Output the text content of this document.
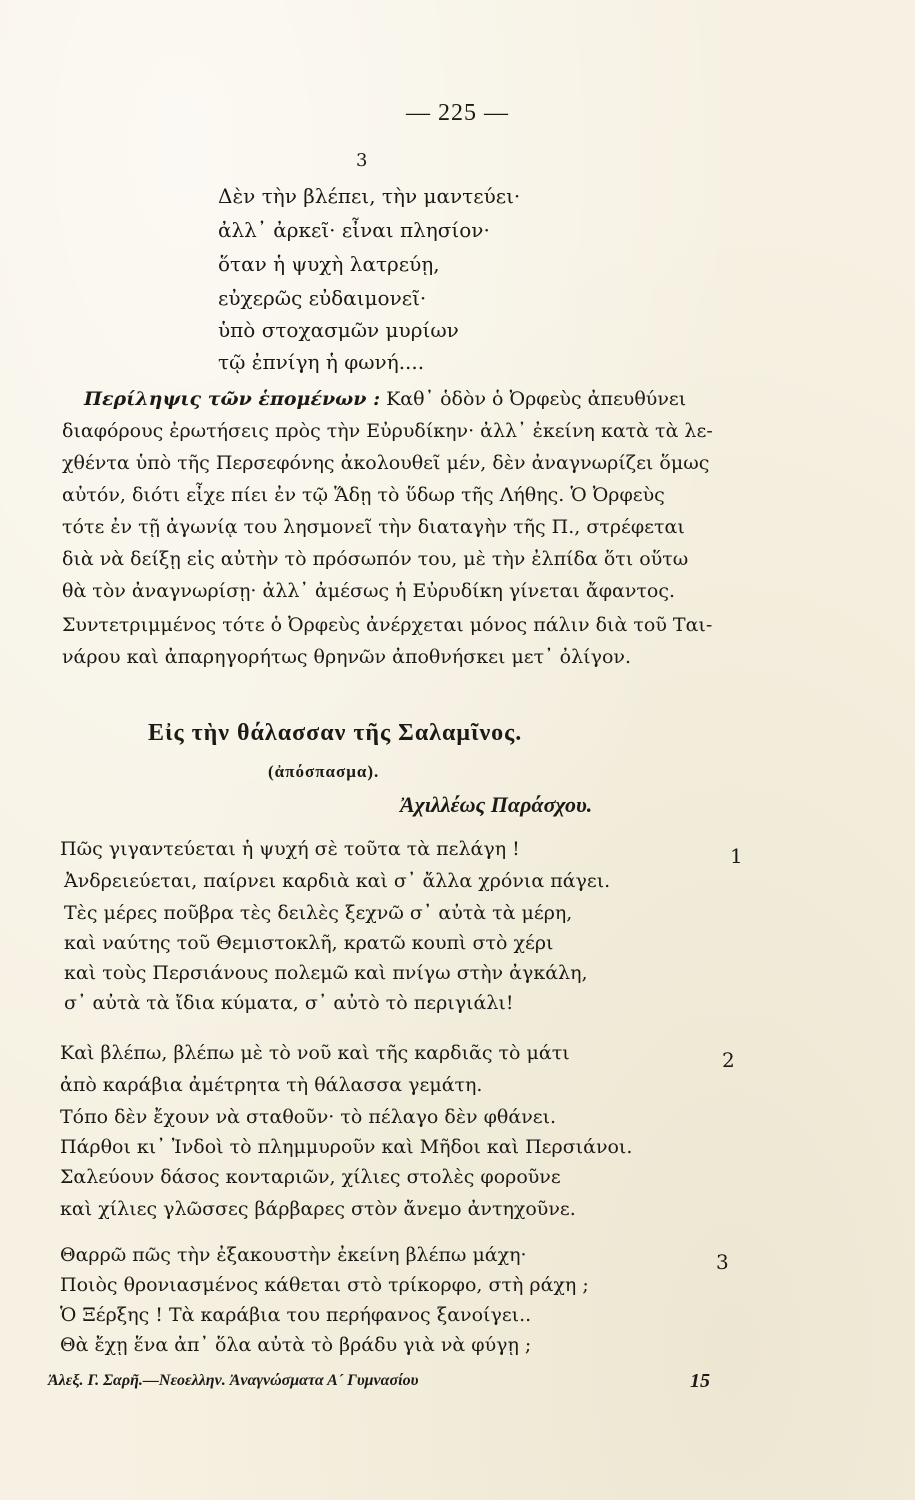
— 225 —
3
Δὲν τὴν βλέπει, τὴν μαντεύει·
ἀλλ᾽ ἀρκεῖ· εἶναι πλησίον·
ὅταν ἡ ψυχὴ λατρεύῃ,
εὐχερῶς εὐδαιμονεῖ·
ὑπὸ στοχασμῶν μυρίων
τῷ ἐπνίγη ἡ φωνή....
Περίληψις τῶν ἑπομένων : Καθ᾽ ὁδὸν ὁ Ὀρφεὺς ἀπευθύνει
διαφόρους ἐρωτήσεις πρὸς τὴν Εὐρυδίκην· ἀλλ᾽ ἐκείνη κατὰ τὰ λε-
χθέντα ὑπὸ τῆς Περσεφόνης ἀκολουθεῖ μέν, δὲν ἀναγνωρίζει ὅμως
αὐτόν, διότι εἶχε πίει ἐν τῷ Ἅδῃ τὸ ὕδωρ τῆς Λήθης. Ὁ Ὀρφεὺς
τότε ἐν τῇ ἀγωνίᾳ του λησμονεῖ τὴν διαταγὴν τῆς Π., στρέφεται
διὰ νὰ δείξῃ εἰς αὐτὴν τὸ πρόσωπόν του, μὲ τὴν ἐλπίδα ὅτι οὕτω
θὰ τὸν ἀναγνωρίσῃ· ἀλλ᾽ ἀμέσως ἡ Εὐρυδίκη γίνεται ἄφαντος.
Συντετριμμένος τότε ὁ Ὀρφεὺς ἀνέρχεται μόνος πάλιν διὰ τοῦ Ται-
νάρου καὶ ἀπαρηγορήτως θρηνῶν ἀποθνήσκει μετ᾽ ὀλίγον.
Εἰς τὴν θάλασσαν τῆς Σαλαμῖνος.
(ἀπόσπασμα).
Ἀχιλλέως Παράσχου.
1
Πῶς γιγαντεύεται ἡ ψυχή σὲ τοῦτα τὰ πελάγη !
Ἀνδρειεύεται, παίρνει καρδιὰ καὶ σ᾽ ἄλλα χρόνια πάγει.
Τὲς μέρες ποῦβρα τὲς δειλὲς ξεχνῶ σ᾽ αὐτὰ τὰ μέρη,
καὶ ναύτης τοῦ Θεμιστοκλῆ, κρατῶ κουπὶ στὸ χέρι
καὶ τοὺς Περσιάνους πολεμῶ καὶ πνίγω στὴν ἀγκάλη,
σ᾽ αὐτὰ τὰ ἴδια κύματα, σ᾽ αὐτὸ τὸ περιγιάλι!
2
Καὶ βλέπω, βλέπω μὲ τὸ νοῦ καὶ τῆς καρδιᾶς τὸ μάτι
ἀπὸ καράβια ἀμέτρητα τὴ θάλασσα γεμάτη.
Τόπο δὲν ἔχουν νὰ σταθοῦν· τὸ πέλαγο δὲν φθάνει.
Πάρθοι κι᾽ Ἰνδοὶ τὸ πλημμυροῦν καὶ Μῆδοι καὶ Περσιάνοι.
Σαλεύουν δάσος κονταριῶν, χίλιες στολὲς φοροῦνε
καὶ χίλιες γλῶσσες βάρβαρες στὸν ἄνεμο ἀντηχοῦνε.
3
Θαρρῶ πῶς τὴν ἐξακουστὴν ἐκείνη βλέπω μάχη·
Ποιὸς θρονιασμένος κάθεται στὸ τρίκορφο, στὴ ράχη ;
Ὁ Ξέρξης ! Τὰ καράβια του περήφανος ξανοίγει..
Θὰ ἔχῃ ἕνα ἀπ᾽ ὅλα αὐτὰ τὸ βράδυ γιὰ νὰ φύγῃ ;
Ἀλεξ. Γ. Σαρῆ.—Νεοελλην. Ἀναγνώσματα Α´ Γυμνασίου	15
